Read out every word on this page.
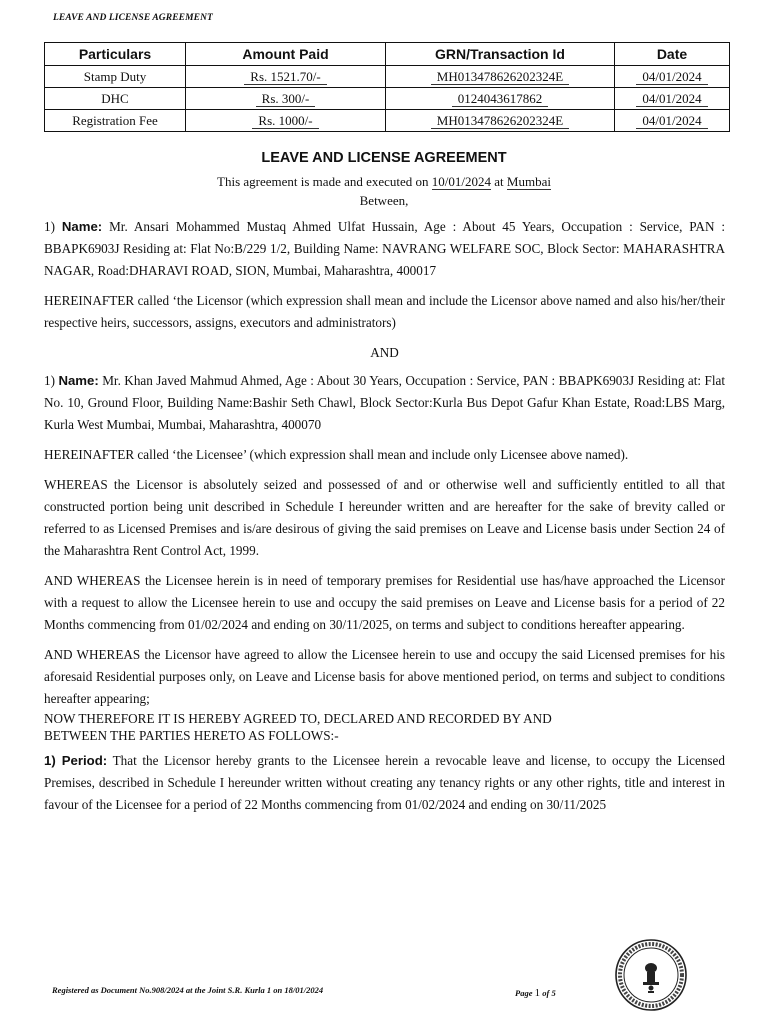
LEAVE AND LICENSE AGREEMENT
Particulars	Amount Paid	GRN/Transaction Id	Date
Stamp Duty	Rs. 1521.70/-	MH013478626202324E	04/01/2024
DHC	Rs. 300/-	0124043617862	04/01/2024
Registration Fee	Rs. 1000/-	MH013478626202324E	04/01/2024
LEAVE AND LICENSE AGREEMENT
This agreement is made and executed on 10/01/2024 at Mumbai
Between,

1) Name: Mr. Ansari Mohammed Mustaq Ahmed Ulfat Hussain, Age : About 45 Years, Occupation : Service, PAN : BBAPK6903J Residing at: Flat No:B/229 1/2, Building Name: NAVRANG WELFARE SOC, Block Sector: MAHARASHTRA NAGAR, Road:DHARAVI ROAD, SION, Mumbai, Maharashtra, 400017

HEREINAFTER called ‘the Licensor (which expression shall mean and include the Licensor above named and also his/her/their respective heirs, successors, assigns, executors and administrators)

AND

1) Name: Mr. Khan Javed Mahmud Ahmed, Age : About 30 Years, Occupation : Service, PAN : BBAPK6903J Residing at: Flat No. 10, Ground Floor, Building Name:Bashir Seth Chawl, Block Sector:Kurla Bus Depot Gafur Khan Estate, Road:LBS Marg, Kurla West Mumbai, Mumbai, Maharashtra, 400070

HEREINAFTER called ‘the Licensee’ (which expression shall mean and include only Licensee above named).

WHEREAS the Licensor is absolutely seized and possessed of and or otherwise well and sufficiently entitled to all that constructed portion being unit described in Schedule I hereunder written and are hereafter for the sake of brevity called or referred to as Licensed Premises and is/are desirous of giving the said premises on Leave and License basis under Section 24 of the Maharashtra Rent Control Act, 1999.

AND WHEREAS the Licensee herein is in need of temporary premises for Residential use has/have approached the Licensor with a request to allow the Licensee herein to use and occupy the said premises on Leave and License basis for a period of 22 Months commencing from 01/02/2024 and ending on 30/11/2025, on terms and subject to conditions hereafter appearing.

AND WHEREAS the Licensor have agreed to allow the Licensee herein to use and occupy the said Licensed premises for his aforesaid Residential purposes only, on Leave and License basis for above mentioned period, on terms and subject to conditions hereafter appearing;

NOW THEREFORE IT IS HEREBY AGREED TO, DECLARED AND RECORDED BY AND
BETWEEN THE PARTIES HERETO AS FOLLOWS:-

1) Period: That the Licensor hereby grants to the Licensee herein a revocable leave and license, to occupy the Licensed Premises, described in Schedule I hereunder written without creating any tenancy rights or any other rights, title and interest in favour of the Licensee for a period of 22 Months commencing from 01/02/2024 and ending on 30/11/2025

Registered as Document No.908/2024 at the Joint S.R. Kurla 1 on 18/01/2024	Page 1 of 5
